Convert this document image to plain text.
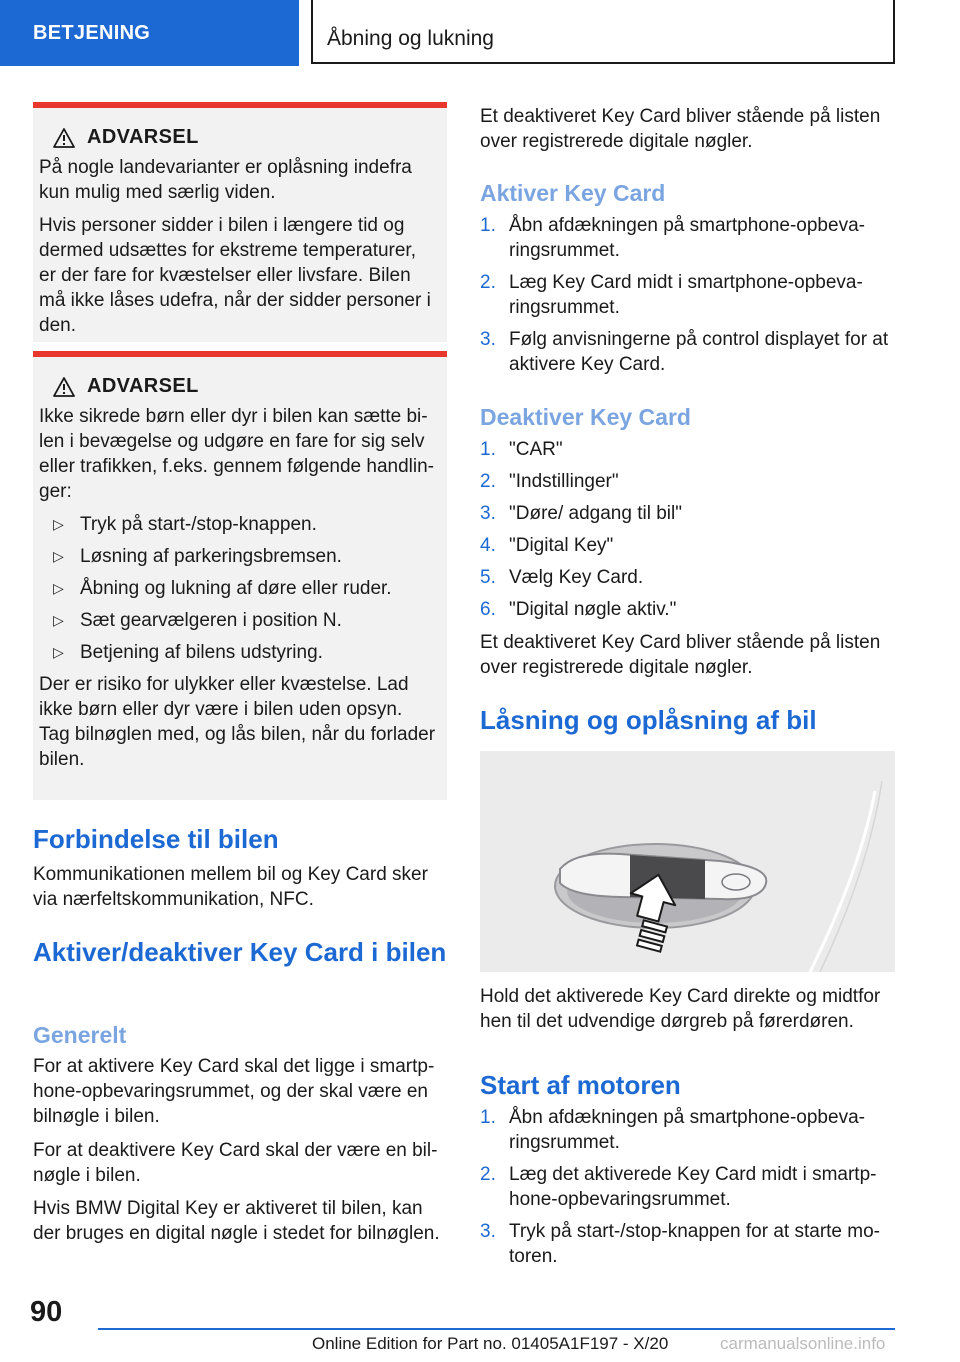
BETJENING	Åbning og lukning
ADVARSEL

På nogle landevarianter er oplåsning indefra kun mulig med særlig viden.

Hvis personer sidder i bilen i længere tid og dermed udsættes for ekstreme temperaturer, er der fare for kvæstelser eller livsfare. Bilen må ikke låses udefra, når der sidder personer i den.

ADVARSEL

Ikke sikrede børn eller dyr i bilen kan sætte bilen i bevægelse og udgøre en fare for sig selv eller trafikken, f.eks. gennem følgende handlinger:

▷ Tryk på start-/stop-knappen.
▷ Løsning af parkeringsbremsen.
▷ Åbning og lukning af døre eller ruder.
▷ Sæt gearvælgeren i position N.
▷ Betjening af bilens udstyring.

Der er risiko for ulykker eller kvæstelse. Lad ikke børn eller dyr være i bilen uden opsyn. Tag bilnøglen med, og lås bilen, når du forlader bilen.

Forbindelse til bilen

Kommunikationen mellem bil og Key Card sker via nærfeltskommunikation, NFC.

Aktiver/deaktiver Key Card i bilen
Generelt

For at aktivere Key Card skal det ligge i smartphone-opbevaringsrummet, og der skal være en bilnøgle i bilen.

For at deaktivere Key Card skal der være en bilnøgle i bilen.

Hvis BMW Digital Key er aktiveret til bilen, kan der bruges en digital nøgle i stedet for bilnøglen.

Et deaktiveret Key Card bliver stående på listen over registrerede digitale nøgler.

Aktiver Key Card
1. Åbn afdækningen på smartphone-opbevaringsrummet.
2. Læg Key Card midt i smartphone-opbevaringsrummet.
3. Følg anvisningerne på control displayet for at aktivere Key Card.
Deaktiver Key Card
1. "CAR"
2. "Indstillinger"
3. "Døre/ adgang til bil"
4. "Digital Key"
5. Vælg Key Card.
6. "Digital nøgle aktiv."

Et deaktiveret Key Card bliver stående på listen over registrerede digitale nøgler.

Låsning og oplåsning af bil

Hold det aktiverede Key Card direkte og midtfor hen til det udvendige dørgreb på førerdøren.

Start af motoren
1. Åbn afdækningen på smartphone-opbevaringsrummet.
2. Læg det aktiverede Key Card midt i smartphone-opbevaringsrummet.
3. Tryk på start-/stop-knappen for at starte motoren.
90
Online Edition for Part no. 01405A1F197 - X/20	carmanualsonline.info
